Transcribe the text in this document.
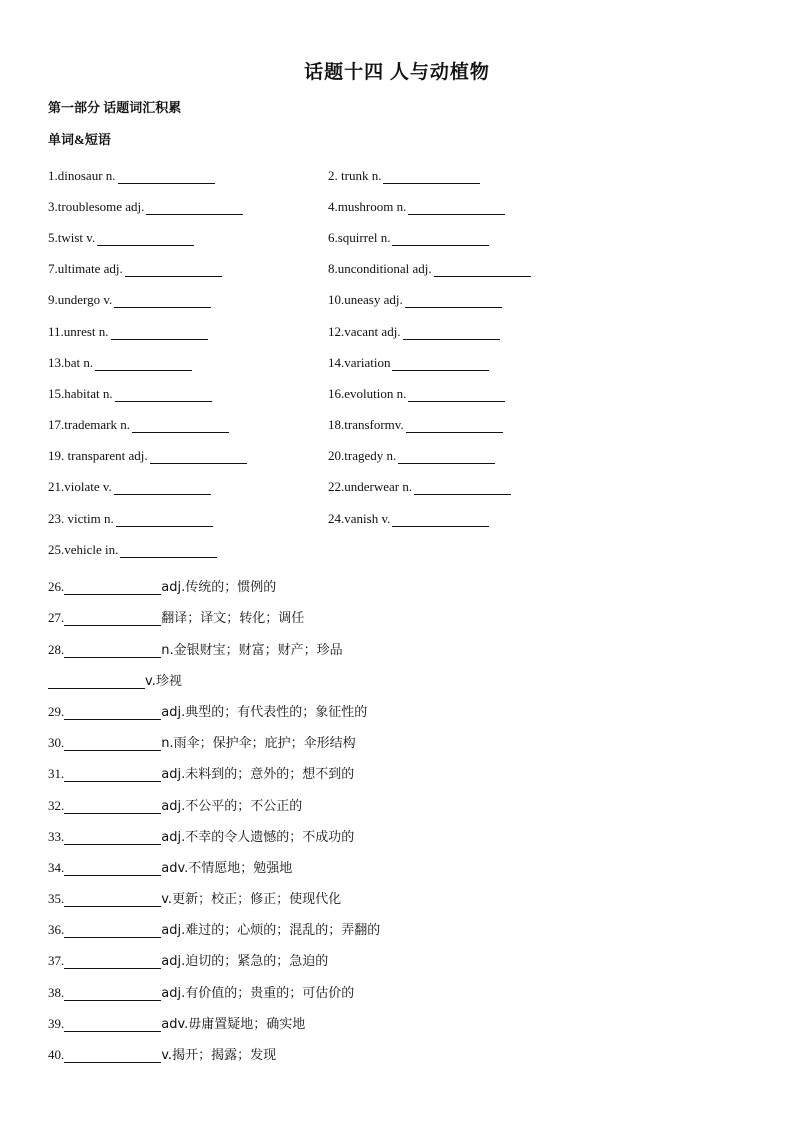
话题十四 人与动植物
第一部分 话题词汇积累
单词&短语
1.dinosaur n.	2. trunk n.
3.troublesome adj.	4.mushroom n.
5.twist v.	6.squirrel n.
7.ultimate adj.	8.unconditional adj.
9.undergo v.	10.uneasy adj.
11.unrest n.	12.vacant adj.
13.bat n.	14.variation
15.habitat n.	16.evolution n.
17.trademark n.	18.transformv.
19. transparent adj.	20.tragedy n.
21.violate v.	22.underwear n.
23. victim n.	24.vanish v.
25.vehicle in.
26.	adj.传统的；惯例的
27.	翻译；译文；转化；调任
28.	n.金银财宝；财富；财产；珍品
v.珍视
29.	adj.典型的；有代表性的；象征性的
30.	n.雨伞；保护伞；庇护；伞形结构
31.	adj.未料到的；意外的；想不到的
32.	adj.不公平的；不公正的
33.	adj.不幸的令人遗憾的；不成功的
34.	adv.不情愿地；勉强地
35.	v.更新；校正；修正；使现代化
36.	adj.难过的；心烦的；混乱的；弄翻的
37.	adj.迫切的；紧急的；急迫的
38.	adj.有价值的；贵重的；可估价的
39.	adv.毋庸置疑地；确实地
40.	v.揭开；揭露；发现
